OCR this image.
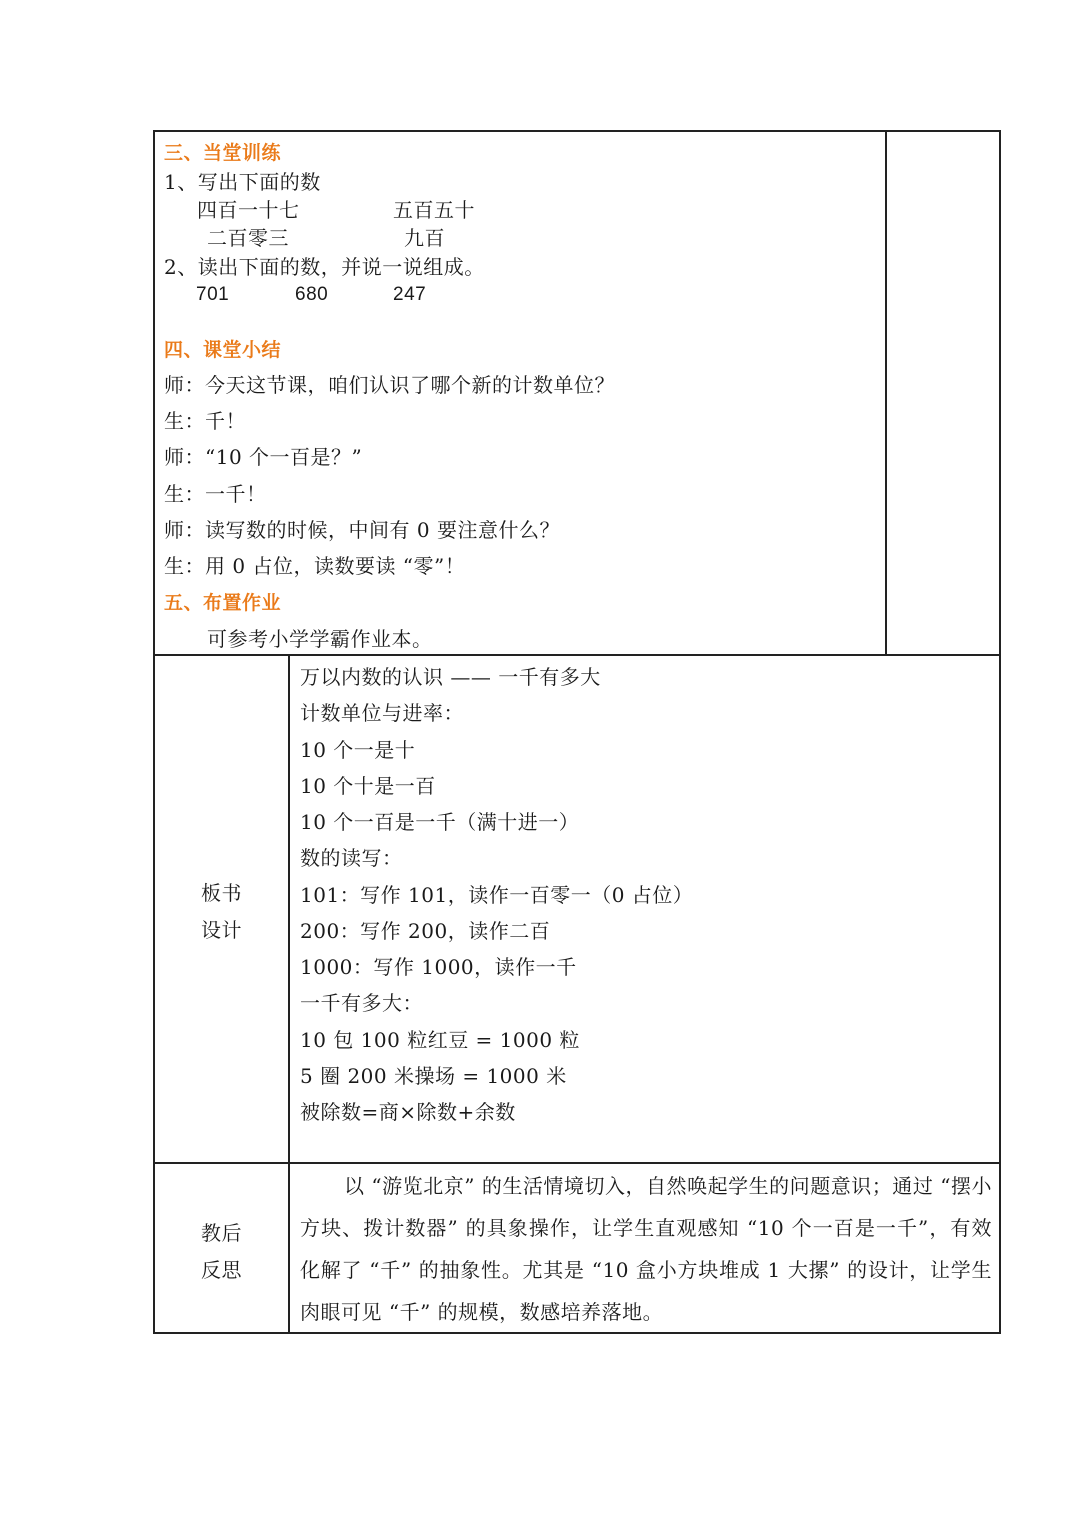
三、当堂训练
1、写出下面的数
四百一十七	五百五十
二百零三	九百
2、读出下面的数，并说一说组成。
701	680	247
四、课堂小结
师：今天这节课，咱们认识了哪个新的计数单位？
生：千！
师：“10 个一百是？”
生：一千！
师：读写数的时候，中间有 0 要注意什么？
生：用 0 占位，读数要读 “零”！
五、布置作业
可参考小学学霸作业本。
板书
设计
万以内数的认识 —— 一千有多大
计数单位与进率：
10 个一是十
10 个十是一百
10 个一百是一千（满十进一）
数的读写：
101：写作 101，读作一百零一（0 占位）
200：写作 200，读作二百
1000：写作 1000，读作一千
一千有多大：
10 包 100 粒红豆 = 1000 粒
5 圈 200 米操场 = 1000 米
被除数=商×除数+余数
教后
反思
以 “游览北京” 的生活情境切入，自然唤起学生的问题意识；通过 “摆小方块、拨计数器” 的具象操作，让学生直观感知 “10 个一百是一千”，有效化解了 “千” 的抽象性。尤其是 “10 盒小方块堆成 1 大摞” 的设计，让学生肉眼可见 “千” 的规模，数感培养落地。
